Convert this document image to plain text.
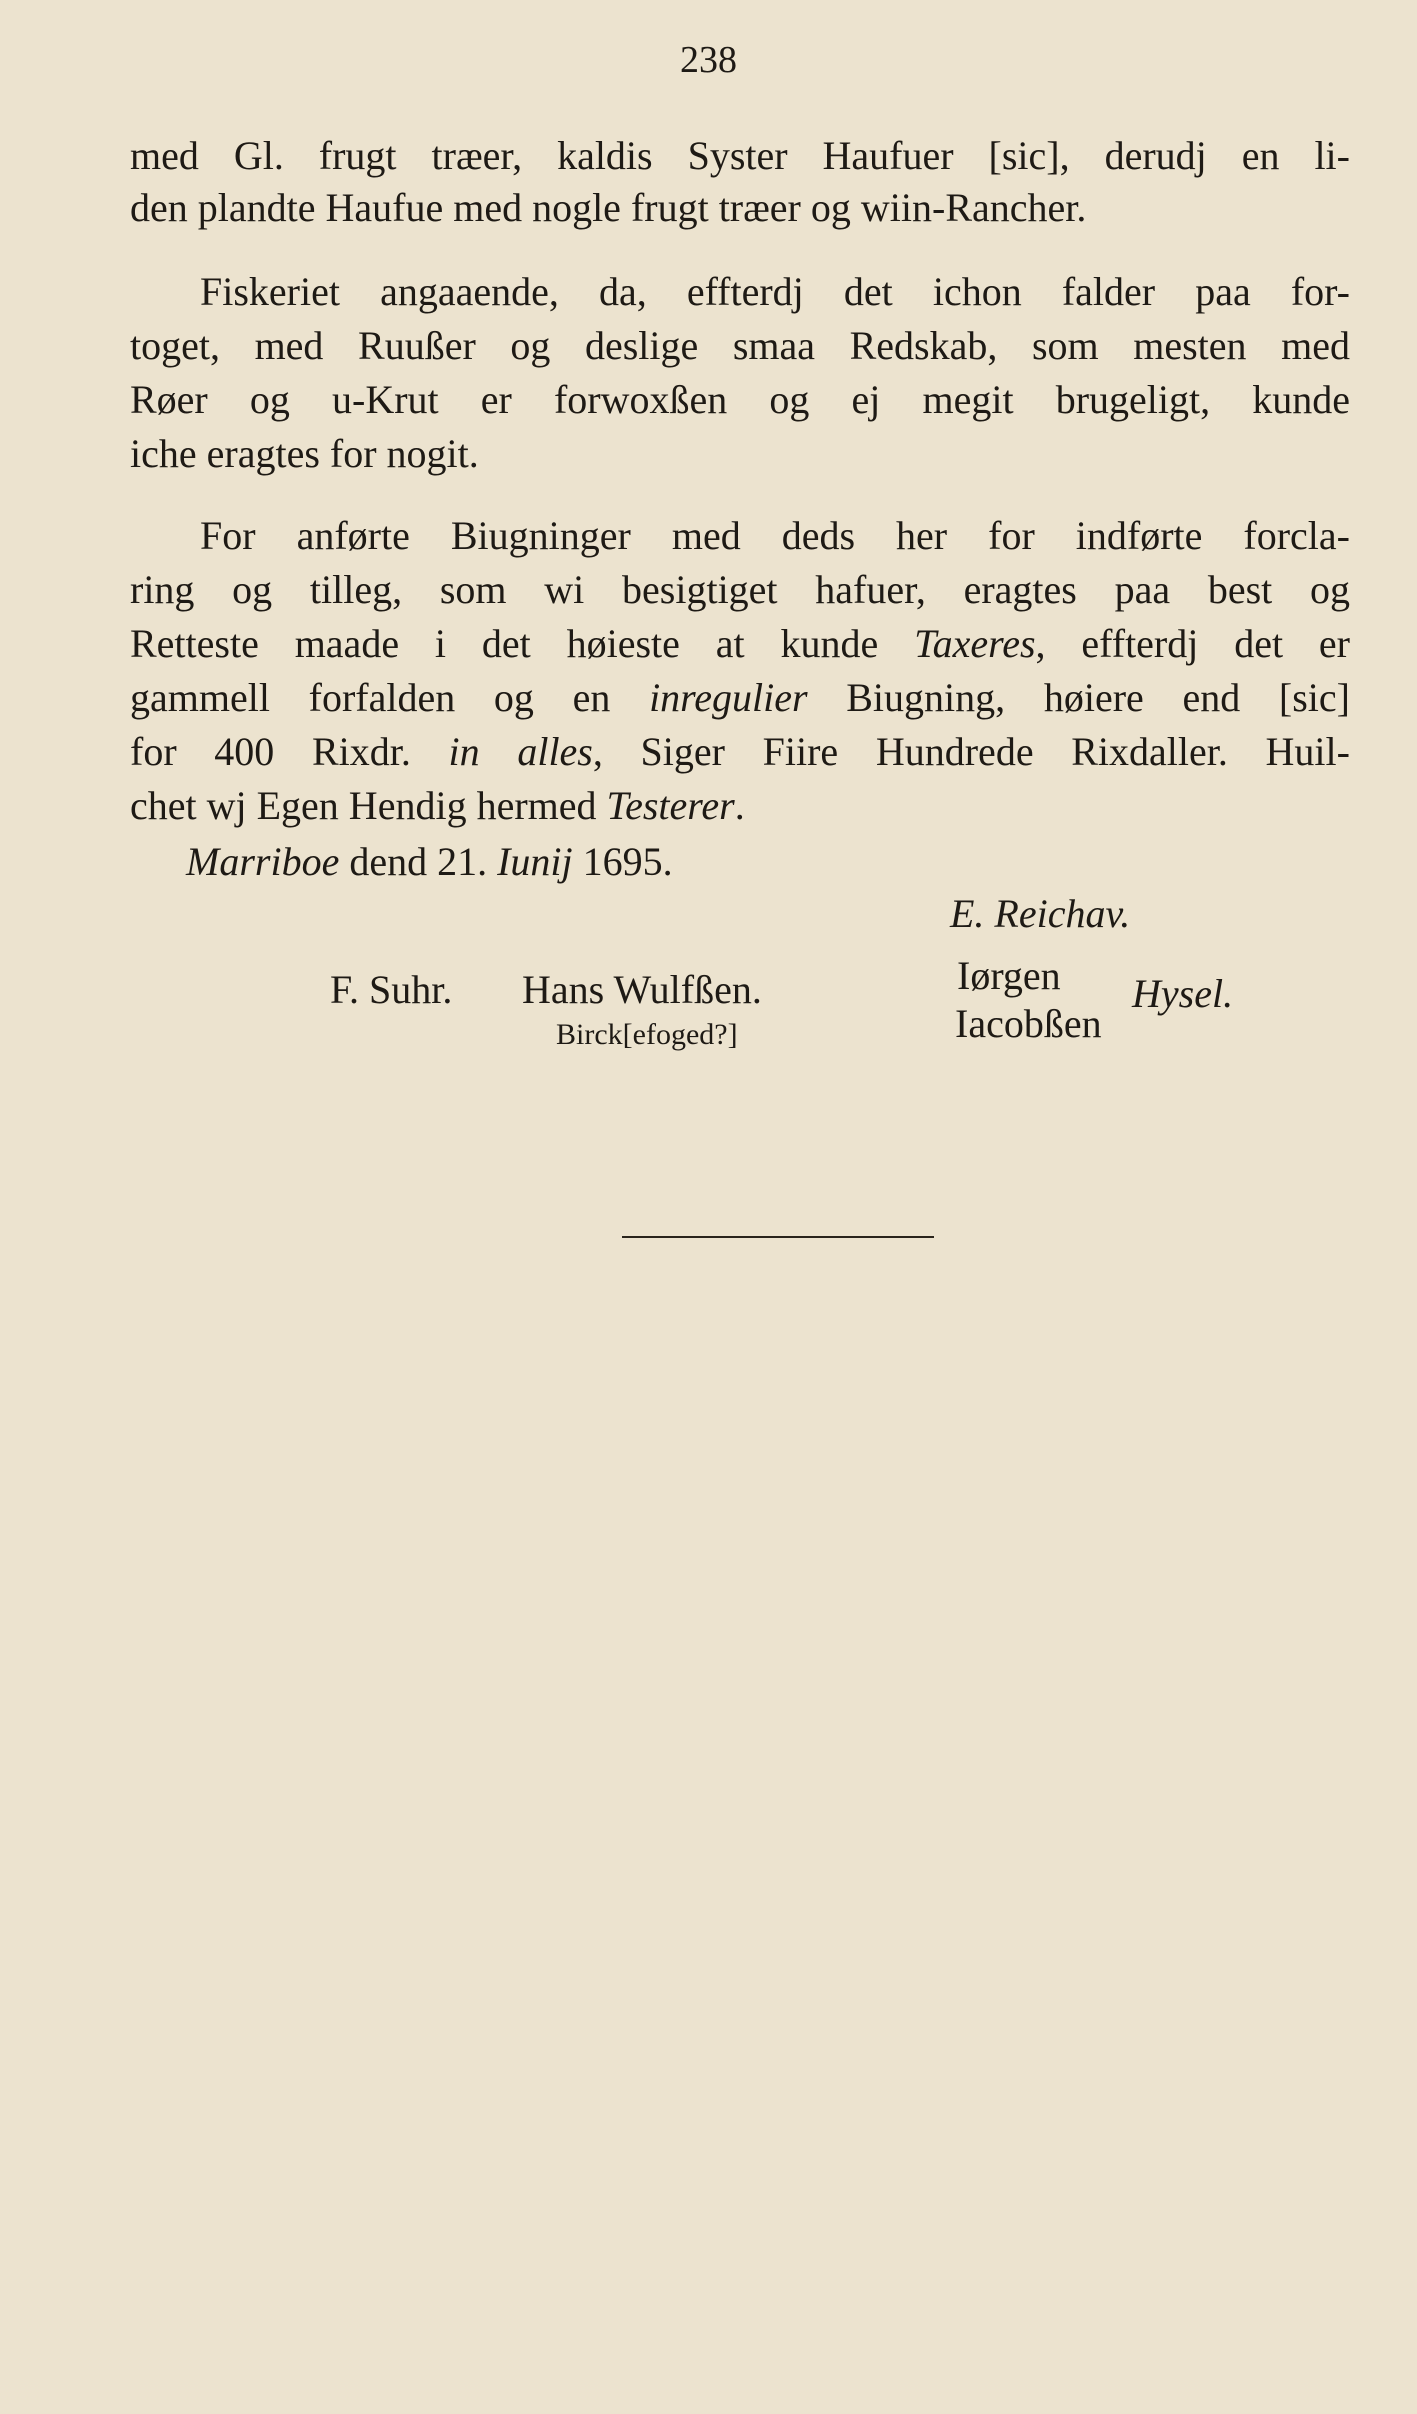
238
med Gl. frugt træer, kaldis Syster Haufuer [sic], derudj en li-
den plandte Haufue med nogle frugt træer og wiin-Rancher.
Fiskeriet angaaende, da, effterdj det ichon falder paa for-
toget, med Ruußer og deslige smaa Redskab, som mesten med
Røer og u-Krut er forwoxßen og ej megit brugeligt, kunde
iche eragtes for nogit.
For anførte Biugninger med deds her for indførte forcla-
ring og tilleg, som wi besigtiget hafuer, eragtes paa best og
Retteste maade i det høieste at kunde Taxeres, effterdj det er
gammell forfalden og en inregulier Biugning, høiere end [sic]
for 400 Rixdr. in alles, Siger Fiire Hundrede Rixdaller. Huil-
chet wj Egen Hendig hermed Testerer.
Marriboe dend 21. Iunij 1695.
E. Reichav.
F. Suhr. Hans Wulfßen.
Birck[efoged?]
Iørgen
Iacobßen
Hysel.
